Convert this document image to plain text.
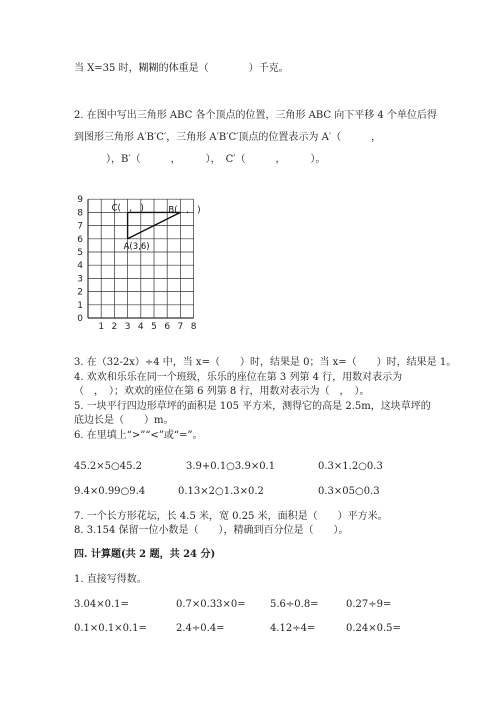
当 X=35 时，糊糊的体重是（　　　　）千克。
2. 在图中写出三角形 ABC 各个顶点的位置，三角形 ABC 向下平移 4 个单位后得
到图形三角形 A′B′C′，三角形 A′B′C′顶点的位置表示为 A′（　　　，
　　），B′（　　　，　　　），　C′（　　　，　　　）。
1 2 3 4 5 6 7 8
0
1
2
3
4
5
6
7
8
9
A(3,6)
B(　,　)
C(　,　)
3. 在（32-2x）÷4 中，当 x=（　　）时，结果是 0；当 x=（　　）时，结果是 1。
4. 欢欢和乐乐在同一个班级，乐乐的座位在第 3 列第 4 行，用数对表示为
（　，　）；欢欢的座位在第 6 列第 8 行，用数对表示为（　，　）。
5. 一块平行四边形草坪的面积是 105 平方米，测得它的高是 2.5m，这块草坪的
底边长是（　　）m。
6. 在里填上“>”“<”或“=”。
45.2×5○45.2	3.9+0.1○3.9×0.1	0.3×1.2○0.3
9.4×0.99○9.4	0.13×2○1.3×0.2	0.3×05○0.3
7. 一个长方形花坛，长 4.5 米，宽 0.25 米，面积是（　　）平方米。
8. 3.154 保留一位小数是（　　），精确到百分位是（　　）。
四. 计算题(共 2 题，共 24 分)
1. 直接写得数。
3.04×0.1=	0.7×0.33×0= 5.6÷0.8=	0.27÷9=
0.1×0.1×0.1=	2.4÷0.4=	4.12÷4=	0.24×0.5=
